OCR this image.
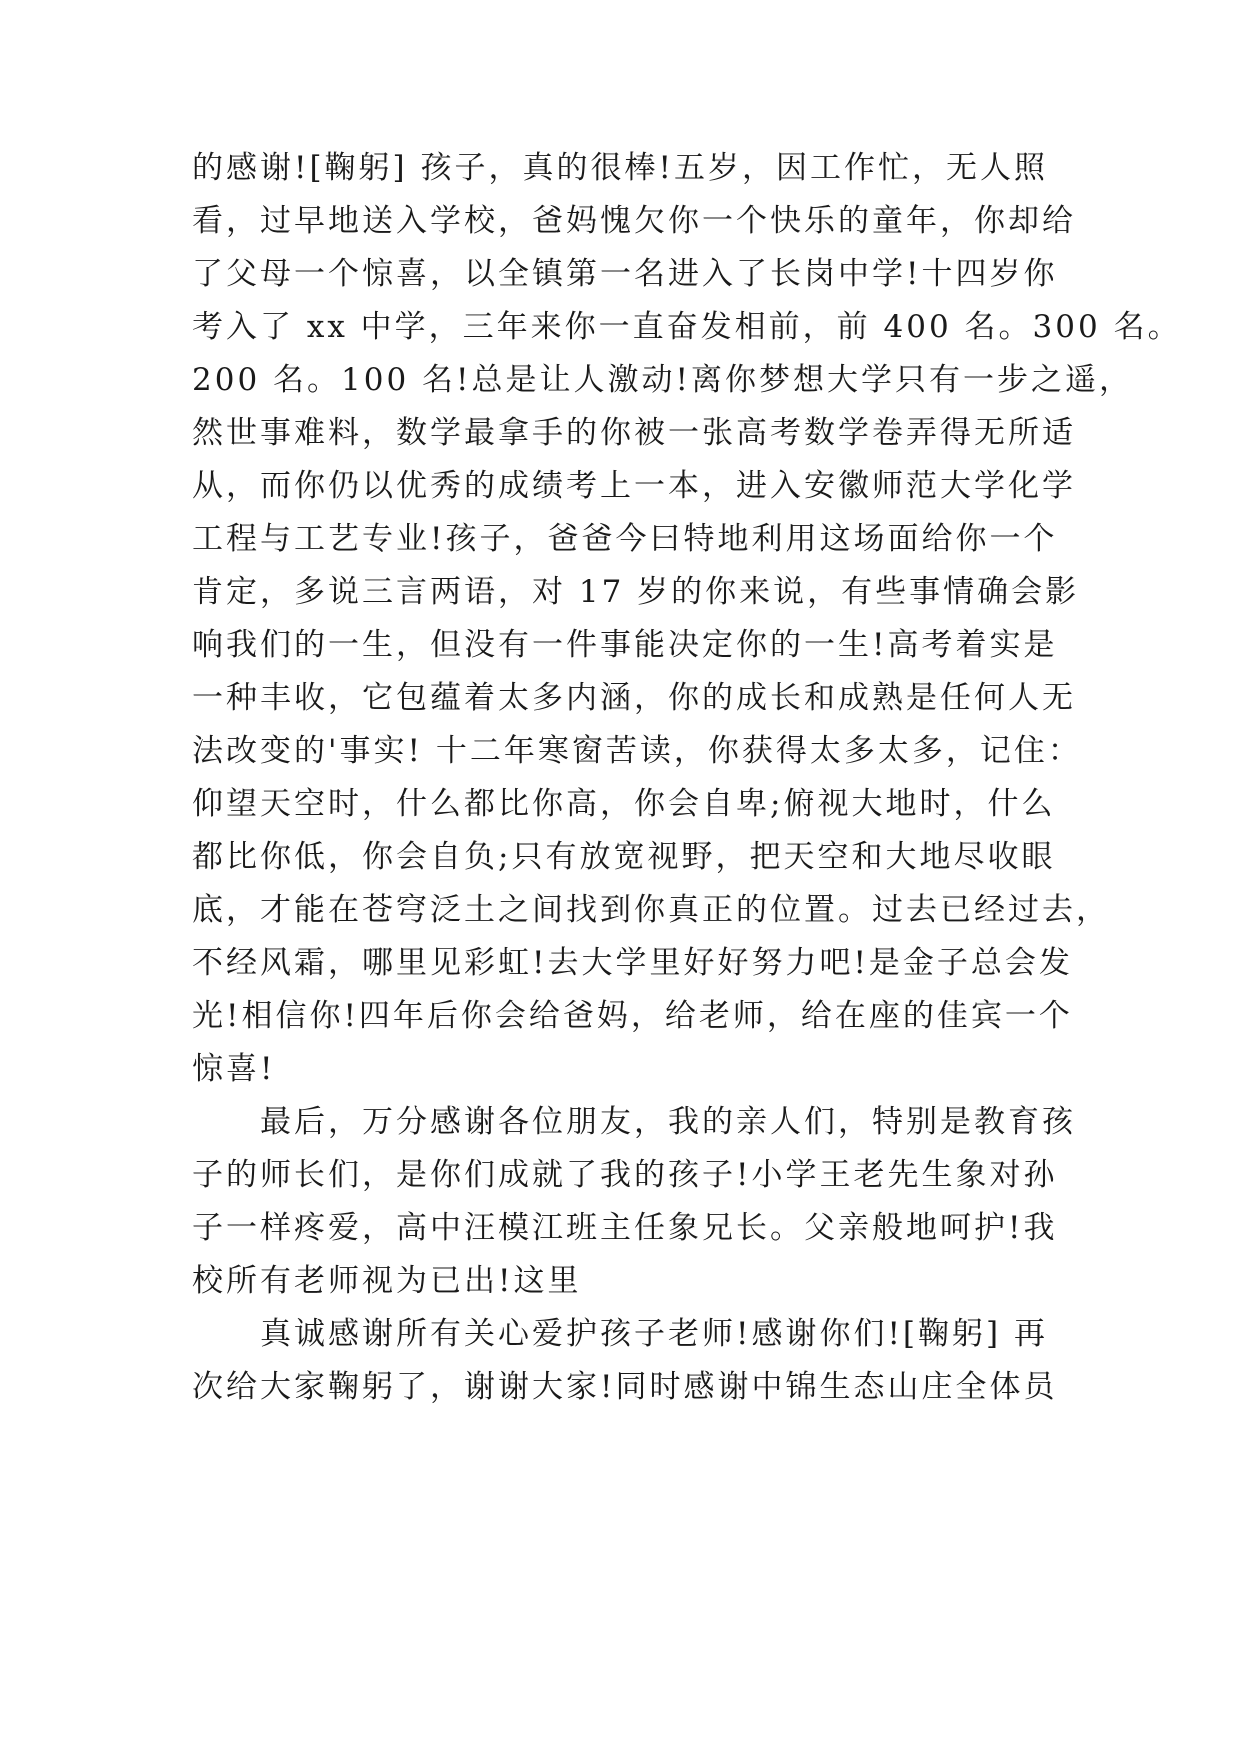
的感谢![鞠躬] 孩子，真的很棒!五岁，因工作忙，无人照
看，过早地送入学校，爸妈愧欠你一个快乐的童年，你却给
了父母一个惊喜，以全镇第一名进入了长岗中学!十四岁你
考入了 xx 中学，三年来你一直奋发相前，前 400 名。300 名。
200 名。100 名!总是让人激动!离你梦想大学只有一步之遥，
然世事难料，数学最拿手的你被一张高考数学卷弄得无所适
从，而你仍以优秀的成绩考上一本，进入安徽师范大学化学
工程与工艺专业!孩子，爸爸今曰特地利用这场面给你一个
肯定，多说三言两语，对 17 岁的你来说，有些事情确会影
响我们的一生，但没有一件事能决定你的一生!高考着实是
一种丰收，它包蕴着太多内涵，你的成长和成熟是任何人无
法改变的'事实! 十二年寒窗苦读，你获得太多太多，记住：
仰望天空时，什么都比你高，你会自卑;俯视大地时，什么
都比你低，你会自负;只有放宽视野，把天空和大地尽收眼
底，才能在苍穹泛土之间找到你真正的位置。过去已经过去，
不经风霜，哪里见彩虹!去大学里好好努力吧!是金子总会发
光!相信你!四年后你会给爸妈，给老师，给在座的佳宾一个
惊喜!
最后，万分感谢各位朋友，我的亲人们，特别是教育孩
子的师长们，是你们成就了我的孩子!小学王老先生象对孙
子一样疼爱，高中汪模江班主任象兄长。父亲般地呵护!我
校所有老师视为已出!这里
真诚感谢所有关心爱护孩子老师!感谢你们![鞠躬] 再
次给大家鞠躬了，谢谢大家!同时感谢中锦生态山庄全体员
